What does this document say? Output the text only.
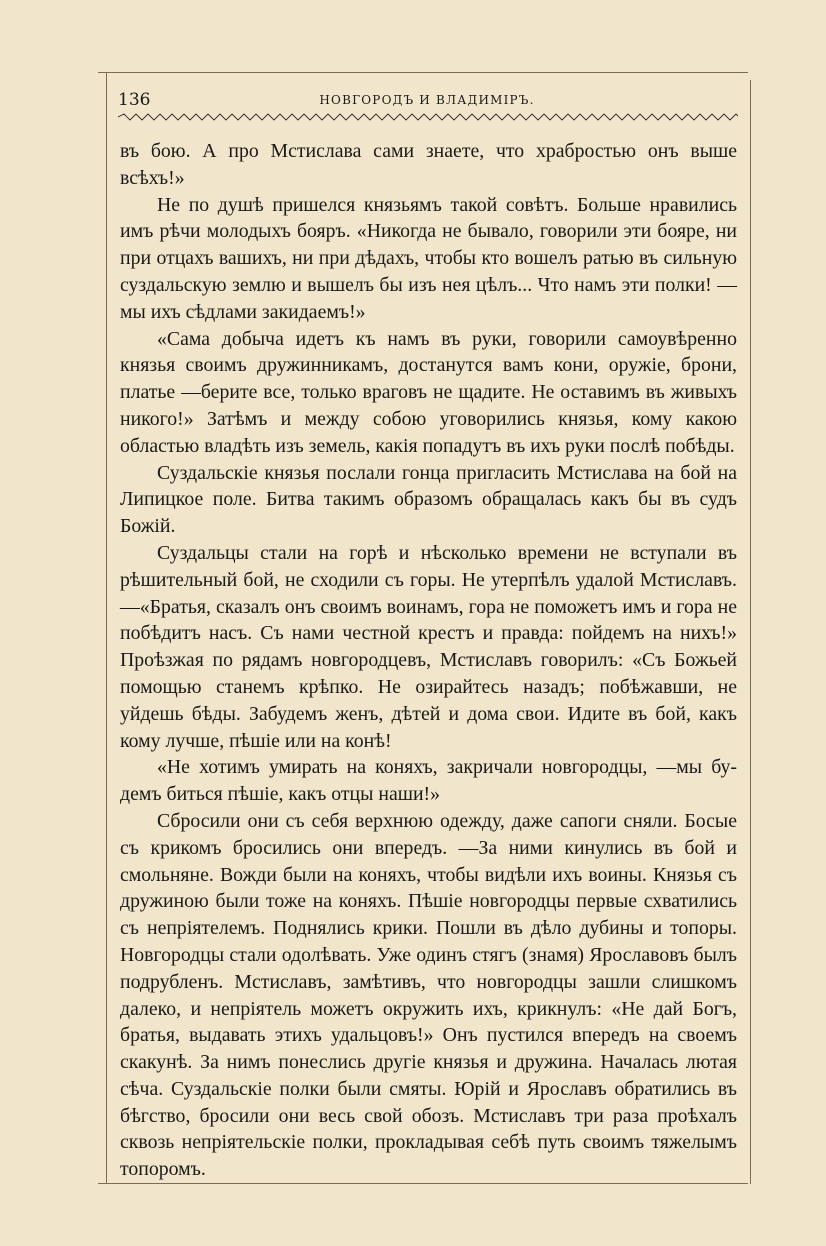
136	НОВГОРОДЪ И ВЛАДИМІРЪ.

въ бою. А про Мстислава сами знаете, что храбростью онъ выше всѣхъ!»

Не по душѣ пришелся князьямъ такой совѣтъ. Больше нравились имъ рѣчи молодыхъ бояръ. «Никогда не бывало, говорили эти бояре, ни при отцахъ вашихъ, ни при дѣдахъ, чтобы кто вошелъ ратью въ сильную суздальскую землю и вышелъ бы изъ нея цѣлъ... Что намъ эти полки! —мы ихъ сѣдлами закидаемъ!»

«Сама добыча идетъ къ намъ въ руки, говорили самоувѣренно князья своимъ дружинникамъ, достанутся вамъ кони, оружіе, брони, платье —берите все, только враговъ не щадите. Не оставимъ въ живыхъ никого!» Затѣмъ и между собою уговорились князья, кому какою областью владѣть изъ земель, какія попадутъ въ ихъ руки послѣ побѣды.

Суздальскіе князья послали гонца пригласить Мстислава на бой на Липицкое поле. Битва такимъ образомъ обращалась какъ бы въ судъ Божій.

Суздальцы стали на горѣ и нѣсколько времени не вступали въ рѣшительный бой, не сходили съ горы. Не утерпѣлъ удалой Мстиславъ. —«Братья, сказалъ онъ своимъ воинамъ, гора не поможетъ имъ и гора не побѣдитъ насъ. Съ нами честной крестъ и правда: пойдемъ на нихъ!» Проѣзжая по рядамъ новгородцевъ, Мстиславъ говорилъ: «Съ Божьей помощью станемъ крѣпко. Не озирайтесь назадъ; побѣжавши, не уйдешь бѣды. Забудемъ женъ, дѣтей и дома свои. Идите въ бой, какъ кому лучше, пѣшіе или на конѣ!

«Не хотимъ умирать на коняхъ, закричали новгородцы, —мы будемъ биться пѣшіе, какъ отцы наши!»

Сбросили они съ себя верхнюю одежду, даже сапоги сняли. Босые съ крикомъ бросились они впередъ. —За ними кинулись въ бой и смольняне. Вожди были на коняхъ, чтобы видѣли ихъ воины. Князья съ дружиною были тоже на коняхъ. Пѣшіе новгородцы первые схватились съ непріятелемъ. Поднялись крики. Пошли въ дѣло дубины и топоры. Новгородцы стали одолѣвать. Уже одинъ стягъ (знамя) Ярославовъ былъ подрубленъ. Мстиславъ, замѣтивъ, что новгородцы зашли слишкомъ далеко, и непріятель можетъ окружить ихъ, крикнулъ: «Не дай Богъ, братья, выдавать этихъ удальцовъ!» Онъ пустился впередъ на своемъ скакунѣ. За нимъ понеслись другіе князья и дружина. Началась лютая сѣча. Суздальскіе полки были смяты. Юрій и Ярославъ обратились въ бѣгство, бросили они весь свой обозъ. Мстиславъ три раза проѣхалъ сквозь непріятельскіе полки, прокладывая себѣ путь своимъ тяжелымъ топоромъ.
